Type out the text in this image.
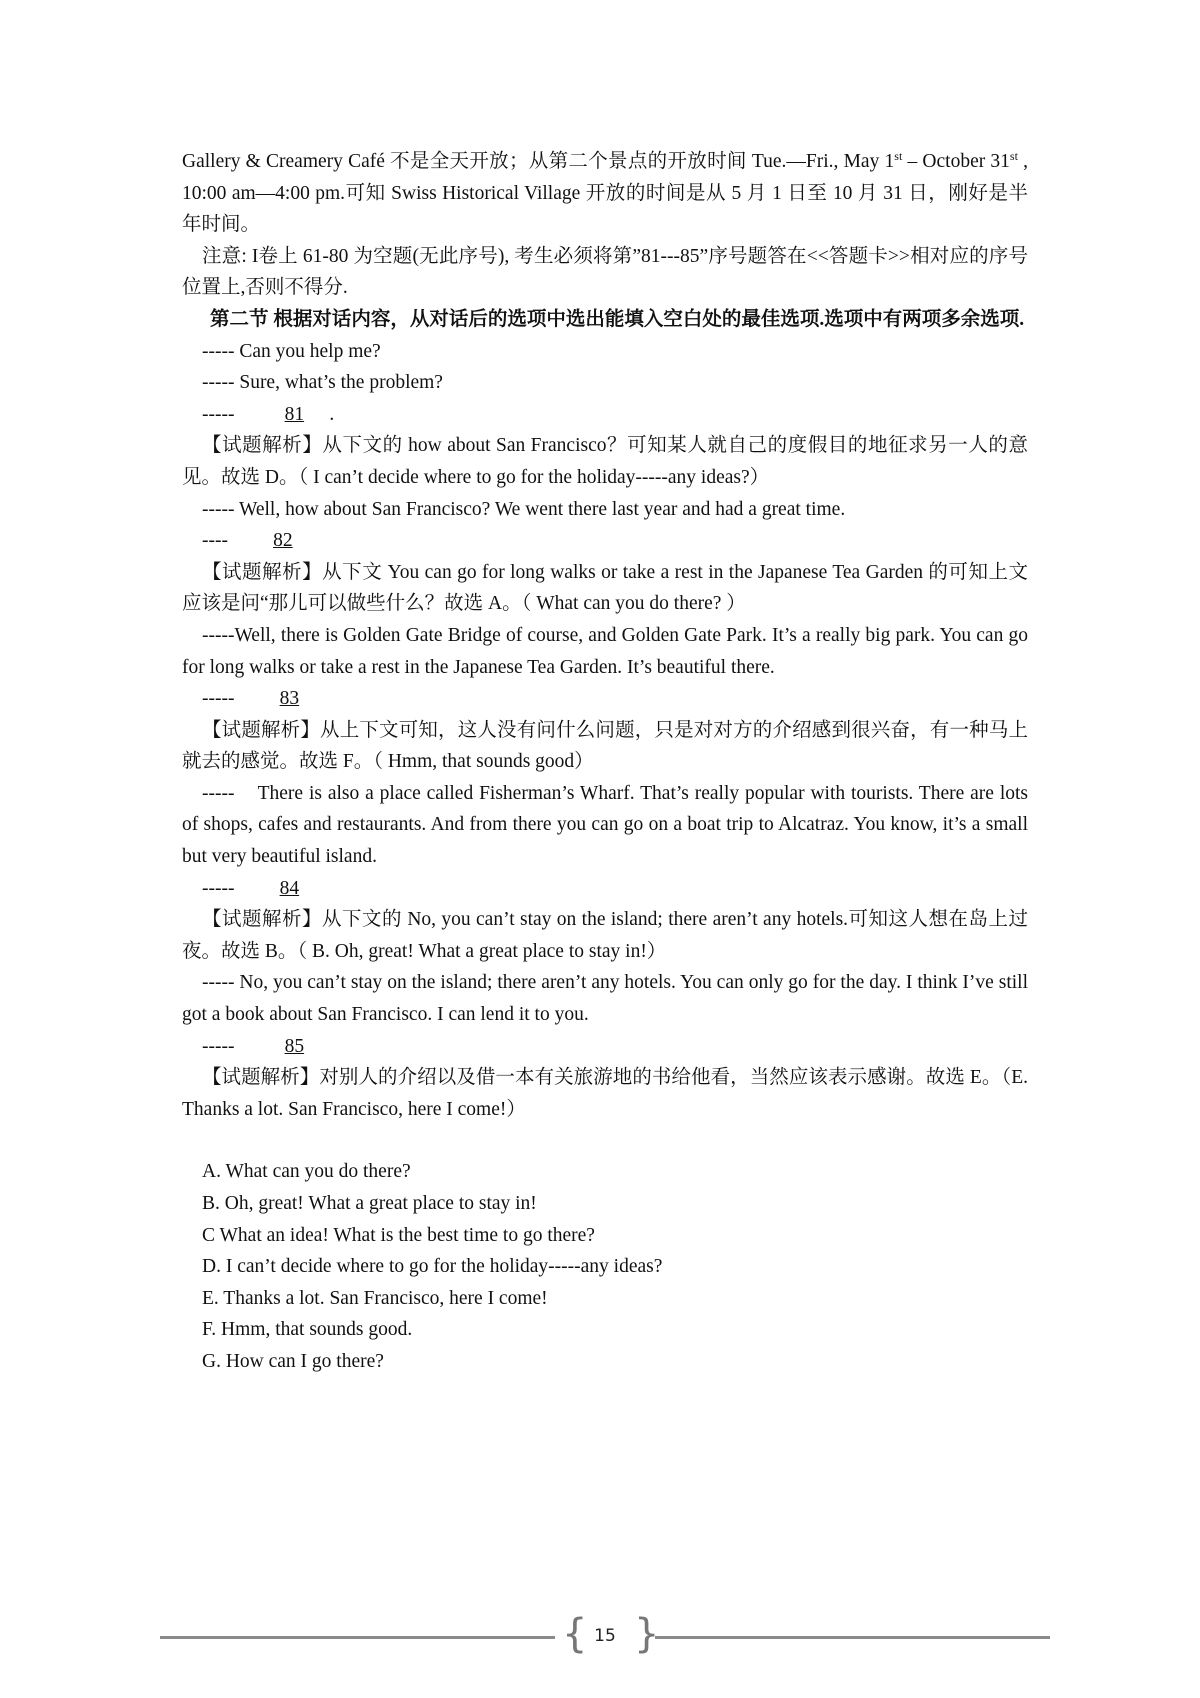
Gallery & Creamery Café 不是全天开放；从第二个景点的开放时间 Tue.—Fri., May 1st – October 31st , 10:00 am—4:00 pm.可知 Swiss Historical Village 开放的时间是从 5 月 1 日至 10 月 31 日，刚好是半年时间。

注意: I卷上 61-80 为空题(无此序号), 考生必须将第”81---85”序号题答在<<答题卡>>相对应的序号位置上,否则不得分.

第二节 根据对话内容，从对话后的选项中选出能填入空白处的最佳选项.选项中有两项多余选项.

----- Can you help me?

----- Sure, what’s the problem?

----- 81 .

【试题解析】从下文的 how about San Francisco？可知某人就自己的度假目的地征求另一人的意见。故选 D。（ I can’t decide where to go for the holiday-----any ideas?）

----- Well, how about San Francisco? We went there last year and had a great time.

---- 82

【试题解析】从下文 You can go for long walks or take a rest in the Japanese Tea Garden 的可知上文应该是问“那儿可以做些什么？故选 A。（ What can you do there? ）

-----Well, there is Golden Gate Bridge of course, and Golden Gate Park. It’s a really big park. You can go for long walks or take a rest in the Japanese Tea Garden. It’s beautiful there.

----- 83

【试题解析】从上下文可知，这人没有问什么问题，只是对对方的介绍感到很兴奋，有一种马上就去的感觉。故选 F。（ Hmm, that sounds good）

-----    There is also a place called Fisherman’s Wharf. That’s really popular with tourists. There are lots of shops, cafes and restaurants. And from there you can go on a boat trip to Alcatraz. You know, it’s a small but very beautiful island.

----- 84

【试题解析】从下文的 No, you can’t stay on the island; there aren’t any hotels.可知这人想在岛上过夜。故选 B。（ B. Oh, great! What a great place to stay in!）

----- No, you can’t stay on the island; there aren’t any hotels. You can only go for the day. I think I’ve still got a book about San Francisco. I can lend it to you.

----- 85

【试题解析】对别人的介绍以及借一本有关旅游地的书给他看，当然应该表示感谢。故选 E。（E. Thanks a lot. San Francisco, here I come!）

A. What can you do there?

B. Oh, great! What a great place to stay in!

C What an idea! What is the best time to go there?

D. I can’t decide where to go for the holiday-----any ideas?

E. Thanks a lot. San Francisco, here I come!

F. Hmm, that sounds good.

G. How can I go there?

{ 15 }
